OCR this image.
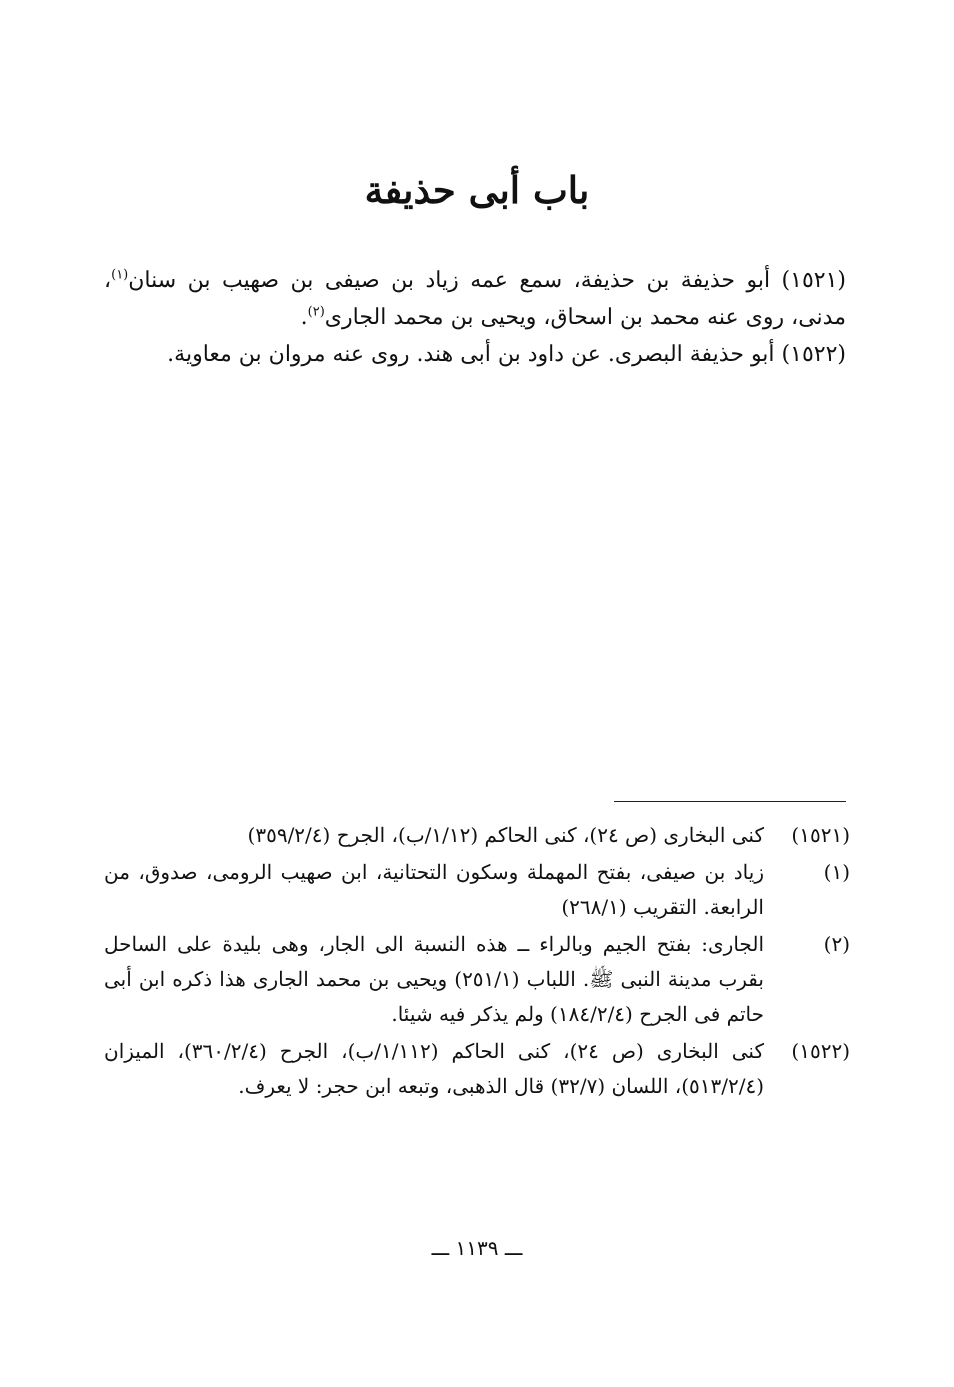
باب أبى حذيفة

(١٥٢١) أبو حذيفة بن حذيفة، سمع عمه زياد بن صيفى بن صهيب بن سنان$^{(١)}$، مدنى، روى عنه محمد بن اسحاق، ويحيى بن محمد الجارى$^{(٢)}$.

(١٥٢٢) أبو حذيفة البصرى. عن داود بن أبى هند. روى عنه مروان بن معاوية.

(١٥٢١)
كنى البخارى (ص ٢٤)، كنى الحاكم (١/١٢/ب)، الجرح (٣٥٩/٢/٤)
(١)
زياد بن صيفى، بفتح المهملة وسكون التحتانية، ابن صهيب الرومى، صدوق، من الرابعة. التقريب (٢٦٨/١)
(٢)
الجارى: بفتح الجيم وبالراء ــ هذه النسبة الى الجار، وهى بليدة على الساحل بقرب مدينة النبى ﷺ. اللباب (٢٥١/١) ويحيى بن محمد الجارى هذا ذكره ابن أبى حاتم فى الجرح (١٨٤/٢/٤) ولم يذكر فيه شيئا.
(١٥٢٢)
كنى البخارى (ص ٢٤)، كنى الحاكم (١/١١٢/ب)، الجرح (٣٦٠/٢/٤)، الميزان (٥١٣/٢/٤)، اللسان (٣٢/٧) قال الذهبى، وتبعه ابن حجر: لا يعرف.
ـــ ١١٣٩ ـــ
